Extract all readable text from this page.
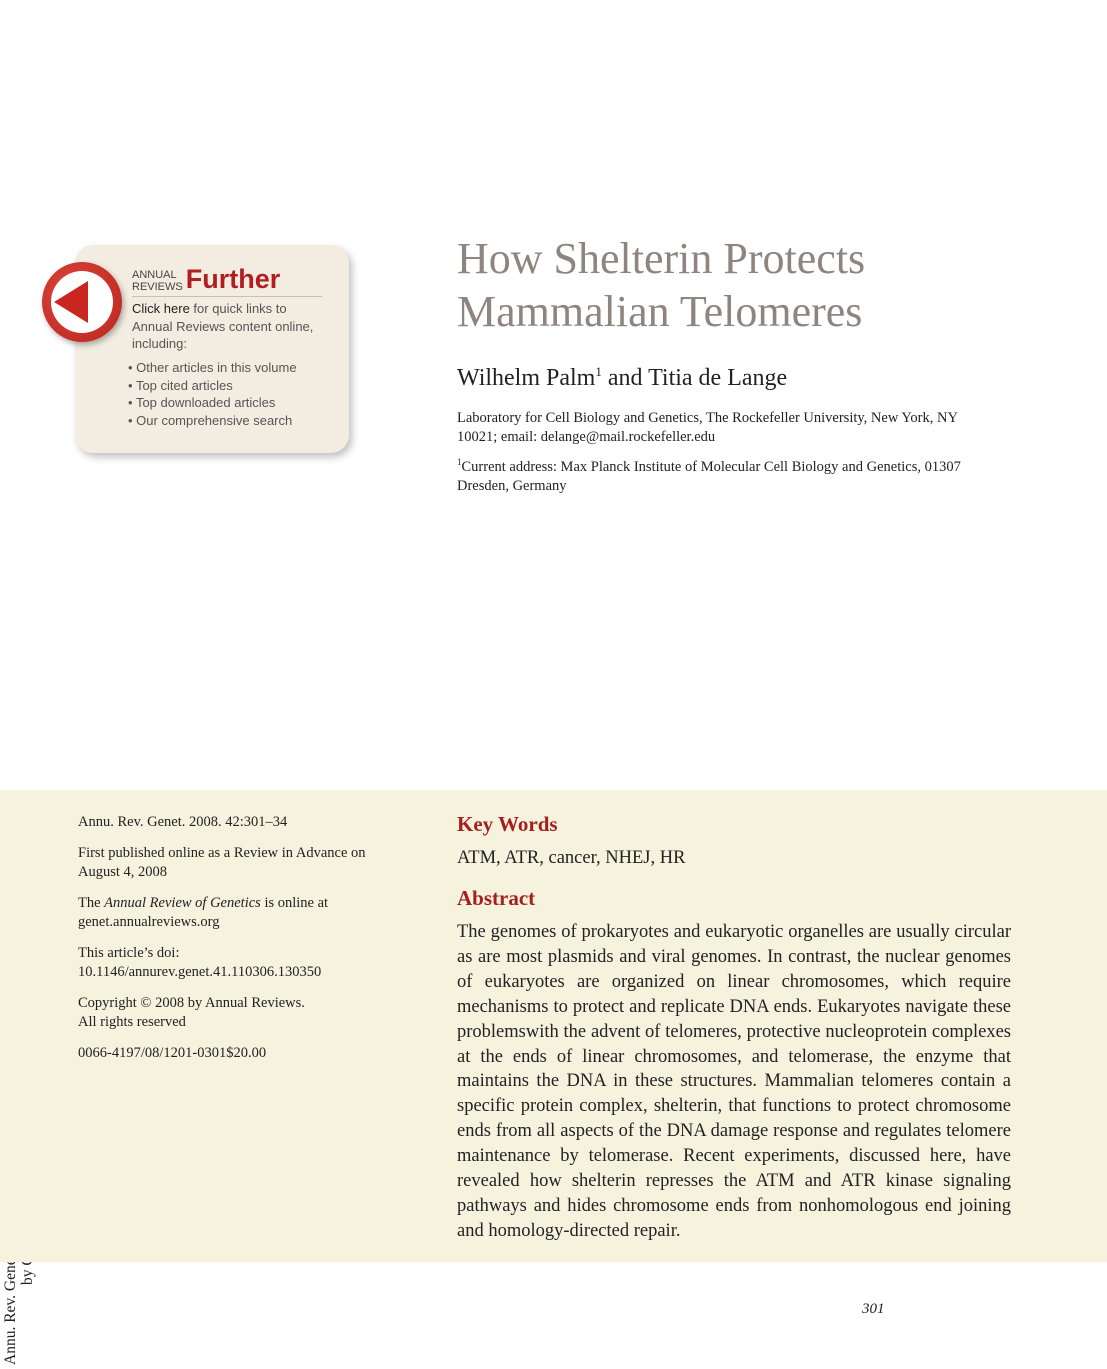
ANNUAL
REVIEWS Further
Click here for quick links to Annual Reviews content online, including:
• Other articles in this volume
• Top cited articles
• Top downloaded articles
• Our comprehensive search
How Shelterin Protects
Mammalian Telomeres
Wilhelm Palm$^1$ and Titia de Lange
Laboratory for Cell Biology and Genetics, The Rockefeller University, New York, NY 10021; email: delange@mail.rockefeller.edu
$^1$Current address: Max Planck Institute of Molecular Cell Biology and Genetics, 01307 Dresden, Germany

Annu. Rev. Genet. 2008. 42:301–34

First published online as a Review in Advance on August 4, 2008

The Annual Review of Genetics is online at genet.annualreviews.org

This article’s doi:
10.1146/annurev.genet.41.110306.130350

Copyright © 2008 by Annual Reviews.
All rights reserved

0066-4197/08/1201-0301$20.00

Key Words
ATM, ATR, cancer, NHEJ, HR
Abstract

The genomes of prokaryotes and eukaryotic organelles are usually circular as are most plasmids and viral genomes. In contrast, the nuclear genomes of eukaryotes are organized on linear chromosomes, which require mechanisms to protect and replicate DNA ends. Eukaryotes navigate these problemswith the advent of telomeres, protective nucleoprotein complexes at the ends of linear chromosomes, and telomerase, the enzyme that maintains the DNA in these structures. Mammalian telomeres contain a specific protein complex, shelterin, that functions to protect chromosome ends from all aspects of the DNA damage response and regulates telomere maintenance by telomerase. Recent experiments, discussed here, have revealed how shelterin represses the ATM and ATR kinase signaling pathways and hides chromosome ends from nonhomologous end joining and homology-directed repair.

301
